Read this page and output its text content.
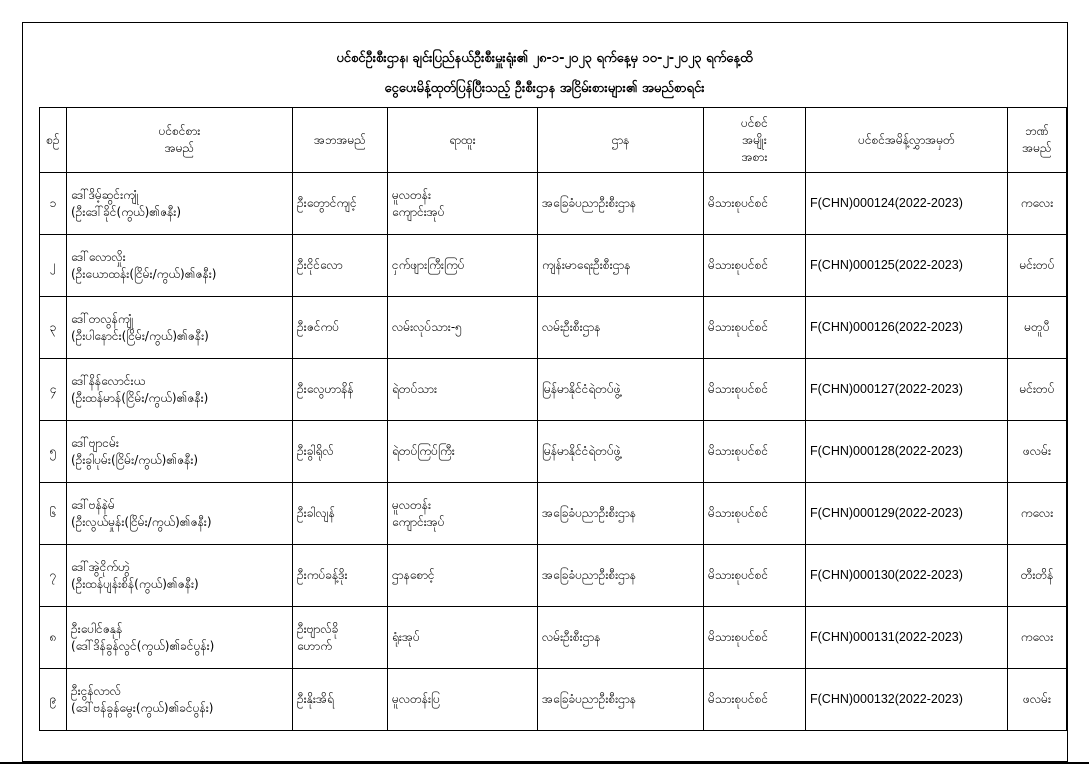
ပင်စင်ဦးစီးဌာန၊ ချင်းပြည်နယ်ဦးစီးမှူးရုံး၏ ၂၈-၁-၂၀၂၃ ရက်နေ့မှ ၁၀-၂-၂၀၂၃ ရက်နေ့ထိ
ငွေပေးမိန့်ထုတ်ပြန်ပြီးသည့် ဦးစီးဌာန အငြိမ်းစားများ၏ အမည်စာရင်း
စဉ်	ပင်စင်စား
အမည်	အဘအမည်	ရာထူး	ဌာန	ပင်စင်
အမျိုး
အစား	ပင်စင်အမိန့်လွှာအမှတ်	ဘဏ်
အမည်

၁	ဒေါ်ဒိမ့်ဆွင်းကျုံ
(ဦးဒေါ်ခိုင်(ကွယ်)၏ဇနီး)	ဦးတွောင်ကျင့်	မူလတန်း
ကျောင်းအုပ်	အခြေခံပညာဦးစီးဌာန	မိသားစုပင်စင်	F(CHN)000124(2022-2023)	ကလေး

၂	ဒေါ်လောလှိုး
(ဦးယောထန်း(ငြိမ်း/ကွယ်)၏ဇနီး)	ဦးငိုင်လော	ငှက်ဖျားကြီးကြပ်	ကျန်းမာရေးဦးစီးဌာန	မိသားစုပင်စင်	F(CHN)000125(2022-2023)	မင်းတပ်

၃	ဒေါ်တလွန်ကျုံ
(ဦးပါနောင်း(ငြိမ်း/ကွယ်)၏ဇနီး)	ဦးဇင်ကပ်	လမ်းလုပ်သား-၅	လမ်းဦးစီးဌာန	မိသားစုပင်စင်	F(CHN)000126(2022-2023)	မတူပီ

၄	ဒေါ်နိန်လောင်းယ
(ဦးထန်မာန်(ငြိမ်း/ကွယ်)၏ဇနီး)	ဦးလွေဟာနိန်	ရဲတပ်သား	မြန်မာနိုင်ငံရဲတပ်ဖွဲ့	မိသားစုပင်စင်	F(CHN)000127(2022-2023)	မင်းတပ်

၅	ဒေါ်ဗျာငမ်း
(ဦးခွါပုမ်း(ငြိမ်း/ကွယ်)၏ဇနီး)	ဦးခွါရိုလ်	ရဲတပ်ကြပ်ကြီး	မြန်မာနိုင်ငံရဲတပ်ဖွဲ့	မိသားစုပင်စင်	F(CHN)000128(2022-2023)	ဖလမ်း

၆	ဒေါ်ဗန်နဲမ်
(ဦးလွယ်မှုန်း(ငြိမ်း/ကွယ်)၏ဇနီး)	ဦးခါလျန်	မူလတန်း
ကျောင်းအုပ်	အခြေခံပညာဦးစီးဌာန	မိသားစုပင်စင်	F(CHN)000129(2022-2023)	ကလေး

၇	ဒေါ်အွဲငိုက်ဟွဲ
(ဦးထန်ပျန်းစိန်(ကွယ်)၏ဇနီး)	ဦးကပ်ခန့်ဒိုး	ဌာနစောင့်	အခြေခံပညာဦးစီးဌာန	မိသားစုပင်စင်	F(CHN)000130(2022-2023)	တီးတိန်

၈	ဦးပေါင်ဇနုန်
(ဒေါ်ဒိန်ခွန်လွင်(ကွယ်)၏ခင်ပွန်း)	ဦးဗျာလ်ခို
ဟောက်	ရုံးအုပ်	လမ်းဦးစီးဌာန	မိသားစုပင်စင်	F(CHN)000131(2022-2023)	ကလေး

၉	ဦးငွန်လာလ်
(ဒေါ်ဗန်ခွန်မွေး(ကွယ်)၏ခင်ပွန်း)	ဦးနိုးအိရ်	မူလတန်းပြ	အခြေခံပညာဦးစီးဌာန	မိသားစုပင်စင်	F(CHN)000132(2022-2023)	ဖလမ်း
